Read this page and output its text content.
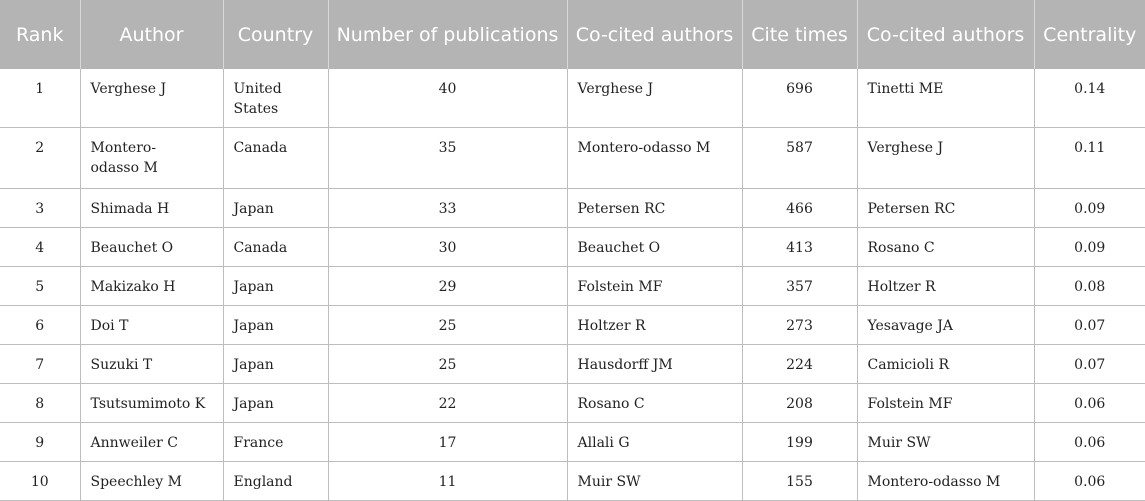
Rank	Author	Country	Number of publications	Co-cited authors	Cite times	Co-cited authors	Centrality
1	Verghese J	United States	40	Verghese J	696	Tinetti ME	0.14
2	Montero-odasso M	Canada	35	Montero-odasso M	587	Verghese J	0.11
3	Shimada H	Japan	33	Petersen RC	466	Petersen RC	0.09
4	Beauchet O	Canada	30	Beauchet O	413	Rosano C	0.09
5	Makizako H	Japan	29	Folstein MF	357	Holtzer R	0.08
6	Doi T	Japan	25	Holtzer R	273	Yesavage JA	0.07
7	Suzuki T	Japan	25	Hausdorff JM	224	Camicioli R	0.07
8	Tsutsumimoto K	Japan	22	Rosano C	208	Folstein MF	0.06
9	Annweiler C	France	17	Allali G	199	Muir SW	0.06
10	Speechley M	England	11	Muir SW	155	Montero-odasso M	0.06
